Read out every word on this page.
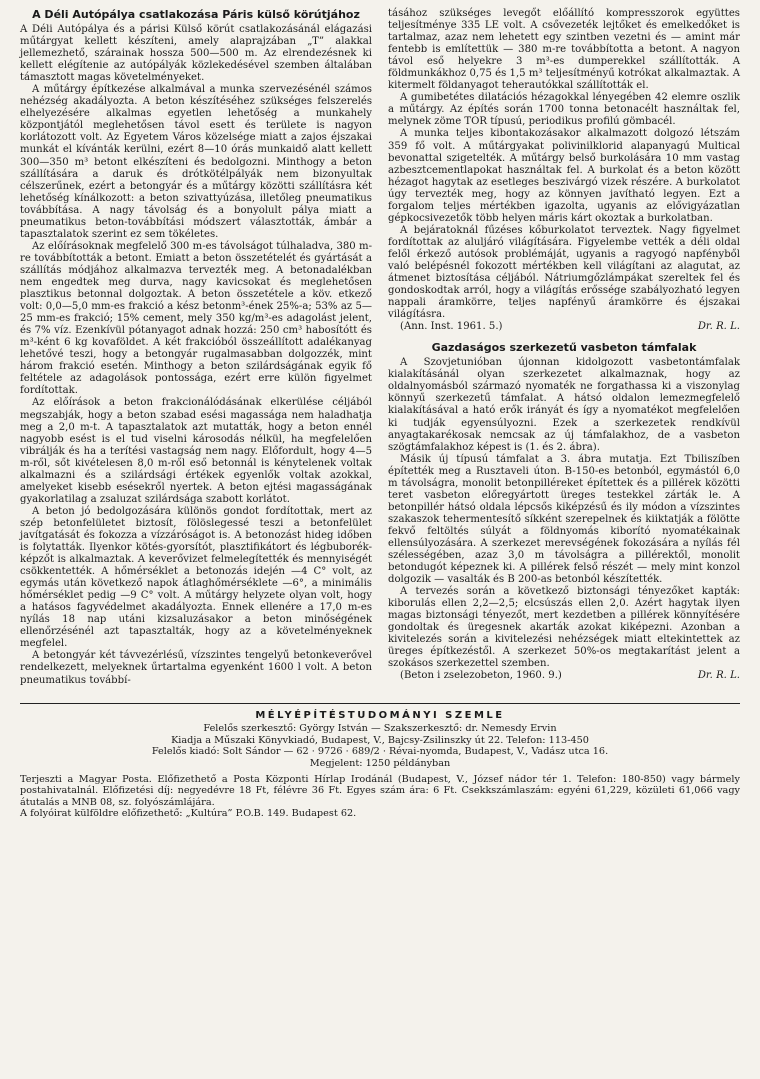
A Déli Autópálya csatlakozása Páris külső körútjához

A Déli Autópálya és a párisi Külső körút csatlakozásánál elágazási műtárgyat kellett készíteni, amely alaprajzában „T” alakkal jellemezhető, szárainak hossza 500—500 m. Az elrendezésnek ki kellett elégítenie az autópályák közlekedésével szemben általában támasztott magas követelményeket.

A műtárgy építkezése alkalmával a munka szervezésénél számos nehézség akadályozta. A beton készítéséhez szükséges felszerelés elhelyezésére alkalmas egyetlen lehetőség a munkahely központjától meglehetősen távol esett és területe is nagyon korlátozott volt. Az Egyetem Város közelsége miatt a zajos éjszakai munkát el kívánták kerülni, ezért 8—10 órás munkaidő alatt kellett 300—350 m³ betont elkészíteni és bedolgozni. Minthogy a beton szállítására a daruk és drótkötélpályák nem bizonyultak célszerűnek, ezért a betongyár és a műtárgy közötti szállításra két lehetőség kínálkozott: a beton szivattyúzása, illetőleg pneumatikus továbbítása. A nagy távolság és a bonyolult pálya miatt a pneumatikus beton-továbbítási módszert választották, ámbár a tapasztalatok szerint ez sem tökéletes.

Az előírásoknak megfelelő 300 m-es távolságot túlhaladva, 380 m-re továbbították a betont. Emiatt a beton összetételét és gyártását a szállítás módjához alkalmazva tervezték meg. A betonadalékban nem engedtek meg durva, nagy kavicsokat és meglehetősen plasztikus betonnal dolgoztak. A beton összetétele a köv. etkező volt: 0,0—5,0 mm-es frakció a kész betonm³-ének 25%-a; 53% az 5—25 mm-es frakció; 15% cement, mely 350 kg/m³-es adagolást jelent, és 7% víz. Ezenkívül pótanyagot adnak hozzá: 250 cm³ habosítótt és m³-ként 6 kg kovaföldet. A két frakcióból összeállított adalékanyag lehetővé teszi, hogy a betongyár rugalmasabban dolgozzék, mint három frakció esetén. Minthogy a beton szilárdságának egyik fő feltétele az adagolások pontossága, ezért erre külön figyelmet fordítottak.

Az előírások a beton frakcionálódásának elkerülése céljából megszabják, hogy a beton szabad esési magassága nem haladhatja meg a 2,0 m-t. A tapasztalatok azt mutatták, hogy a beton ennél nagyobb esést is el tud viselni károsodás nélkül, ha megfelelően vibrálják és ha a terítési vastagság nem nagy. Előfordult, hogy 4—5 m-ről, sőt kivételesen 8,0 m-ről eső betonnál is kénytelenek voltak alkalmazni és a szilárdsági értékek egyenlők voltak azokkal, amelyeket kisebb esésekről nyertek. A beton ejtési magasságának gyakorlatilag a zsaluzat szilárdsága szabott korlátot.

A beton jó bedolgozására különös gondot fordítottak, mert az szép betonfelületet biztosít, fölöslegessé teszi a betonfelület javítgatását és fokozza a vízzáróságot is. A betonozást hideg időben is folytatták. Ilyenkor kötés-gyorsítót, plasztifikátort és légbuborék-képzőt is alkalmaztak. A keverővizet felmelegítették és mennyiségét csökkentették. A hőmérséklet a betonozás idején —4 C° volt, az egymás után következő napok átlaghőmérséklete —6°, a minimális hőmérséklet pedig —9 C° volt. A műtárgy helyzete olyan volt, hogy a hatásos fagyvédelmet akadályozta. Ennek ellenére a 17,0 m-es nyílás 18 nap utáni kizsaluzásakor a beton minőségének ellenőrzésénél azt tapasztalták, hogy az a követelményeknek megfelel.

A betongyár két távvezérlésű, vízszintes tengelyű betonkeverővel rendelkezett, melyeknek űrtartalma egyenként 1600 l volt. A beton pneumatikus továbbí-

tásához szükséges levegőt előállító kompresszorok együttes teljesítménye 335 LE volt. A csővezeték lejtőket és emelkedőket is tartalmaz, azaz nem lehetett egy szintben vezetni és — amint már fentebb is említettük — 380 m-re továbbította a betont. A nagyon távol eső helyekre 3 m³-es dumperekkel szállították. A földmunkákhoz 0,75 és 1,5 m³ teljesítményű kotrókat alkalmaztak. A kitermelt földanyagot teherautókkal szállították el.

A gumibetétes dilatációs hézagokkal lényegében 42 elemre oszlik a műtárgy. Az építés során 1700 tonna betonacélt használtak fel, melynek zöme TOR típusú, periodikus profilú gömbacél.

A munka teljes kibontakozásakor alkalmazott dolgozó létszám 359 fő volt. A műtárgyakat polivinilklorid alapanyagú Multical bevonattal szigetelték. A műtárgy belső burkolására 10 mm vastag azbesztcementlapokat használtak fel. A burkolat és a beton között hézagot hagytak az esetleges beszivárgó vizek részére. A burkolatot úgy tervezték meg, hogy az könnyen javítható legyen. Ezt a forgalom teljes mértékben igazolta, ugyanis az elővigyázatlan gépkocsivezetők több helyen máris kárt okoztak a burkolatban.

A bejáratoknál fűzéses kőburkolatot terveztek. Nagy figyelmet fordítottak az aluljáró világítására. Figyelembe vették a déli oldal felől érkező autósok problémáját, ugyanis a ragyogó napfényből való belépésnél fokozott mértékben kell világítani az alagutat, az átmenet biztosítása céljából. Nátriumgőzlámpákat szereltek fel és gondoskodtak arról, hogy a világítás erőssége szabályozható legyen nappali áramkörre, teljes napfényű áramkörre és éjszakai világításra.

(Ann. Inst. 1961. 5.)	Dr. R. L.
Gazdaságos szerkezetű vasbeton támfalak

A Szovjetunióban újonnan kidolgozott vasbetontámfalak kialakításánál olyan szerkezetet alkalmaznak, hogy az oldalnyomásból származó nyomaték ne forgathassa ki a viszonylag könnyű szerkezetű támfalat. A hátsó oldalon lemezmegfelelő kialakításával a ható erők irányát és így a nyomatékot megfelelően ki tudják egyensúlyozni. Ezek a szerkezetek rendkívül anyagtakarékosak nemcsak az új támfalakhoz, de a vasbeton szögtámfalakhoz képest is (1. és 2. ábra).

Másik új típusú támfalat a 3. ábra mutatja. Ezt Tbiliszíben építették meg a Rusztaveli úton. B-150-es betonból, egymástól 6,0 m távolságra, monolit betonpilléreket építettek és a pillérek közötti teret vasbeton előregyártott üreges testekkel zárták le. A betonpillér hátsó oldala lépcsős kiképzésű és ily módon a vízszintes szakaszok tehermentesítő síkként szerepelnek és kiiktatják a fölötte fekvő feltöltés súlyát a földnyomás kiborító nyomatékainak ellensúlyozására. A szerkezet merevségének fokozására a nyílás fél szélességében, azaz 3,0 m távolságra a pillérektől, monolit betondugót képeznek ki. A pillérek felső részét — mely mint konzol dolgozik — vasalták és B 200-as betonból készítették.

A tervezés során a következő biztonsági tényezőket kapták: kiborulás ellen 2,2—2,5; elcsúszás ellen 2,0. Azért hagytak ilyen magas biztonsági tényezőt, mert kezdetben a pillérek könnyítésére gondoltak és üregesnek akarták azokat kiképezni. Azonban a kivitelezés során a kivitelezési nehézségek miatt eltekintettek az üreges építkezéstől. A szerkezet 50%-os megtakarítást jelent a szokásos szerkezettel szemben.

(Beton i zselezobeton, 1960. 9.)	Dr. R. L.
MÉLYÉPÍTÉSTUDOMÁNYI SZEMLE
Felelős szerkesztő: György István — Szakszerkesztő: dr. Nemesdy Ervin
Kiadja a Műszaki Könyvkiadó, Budapest, V., Bajcsy-Zsilinszky út 22. Telefon: 113-450
Felelős kiadó: Solt Sándor — 62 · 9726 · 689/2 · Révai-nyomda, Budapest, V., Vadász utca 16.
Megjelent: 1250 példányban
Terjeszti a Magyar Posta. Előfizethető a Posta Központi Hírlap Irodánál (Budapest, V., József nádor tér 1. Telefon: 180-850) vagy bármely postahivatalnál. Előfizetési díj: negyedévre 18 Ft, félévre 36 Ft. Egyes szám ára: 6 Ft. Csekkszámlaszám: egyéni 61,229, közületi 61,066 vagy átutalás a MNB 08, sz. folyószámlájára.
A folyóirat külföldre előfizethető: „Kultúra” P.O.B. 149. Budapest 62.
